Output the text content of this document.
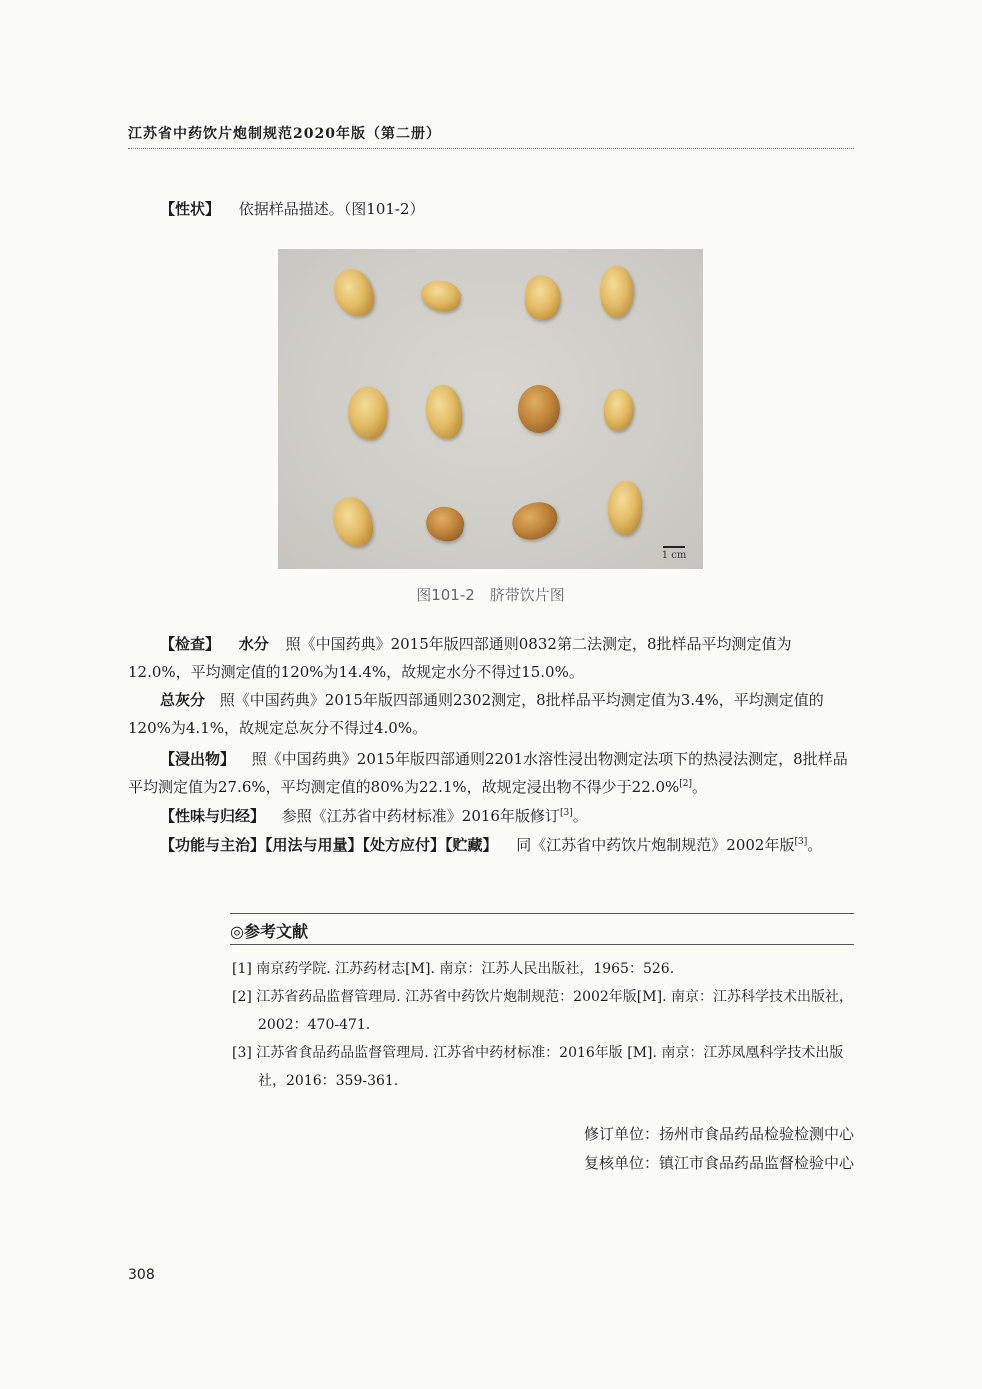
江苏省中药饮片炮制规范2020年版（第二册）
【性状】 依据样品描述。（图101-2）
1 cm
图101-2　脐带饮片图
【检查】 水分 照《中国药典》2015年版四部通则0832第二法测定，8批样品平均测定值为12.0%，平均测定值的120%为14.4%，故规定水分不得过15.0%。
总灰分 照《中国药典》2015年版四部通则2302测定，8批样品平均测定值为3.4%，平均测定值的120%为4.1%，故规定总灰分不得过4.0%。
【浸出物】 照《中国药典》2015年版四部通则2201水溶性浸出物测定法项下的热浸法测定，8批样品平均测定值为27.6%，平均测定值的80%为22.1%，故规定浸出物不得少于22.0%[2]。
【性味与归经】 参照《江苏省中药材标准》2016年版修订[3]。
【功能与主治】【用法与用量】【处方应付】【贮藏】 同《江苏省中药饮片炮制规范》2002年版[3]。
◎参考文献
[1] 南京药学院. 江苏药材志[M]. 南京：江苏人民出版社，1965：526.
[2] 江苏省药品监督管理局. 江苏省中药饮片炮制规范：2002年版[M]. 南京：江苏科学技术出版社，2002：470-471.
[3] 江苏省食品药品监督管理局. 江苏省中药材标准：2016年版 [M]. 南京：江苏凤凰科学技术出版社，2016：359-361.
修订单位：扬州市食品药品检验检测中心
复核单位：镇江市食品药品监督检验中心
308
